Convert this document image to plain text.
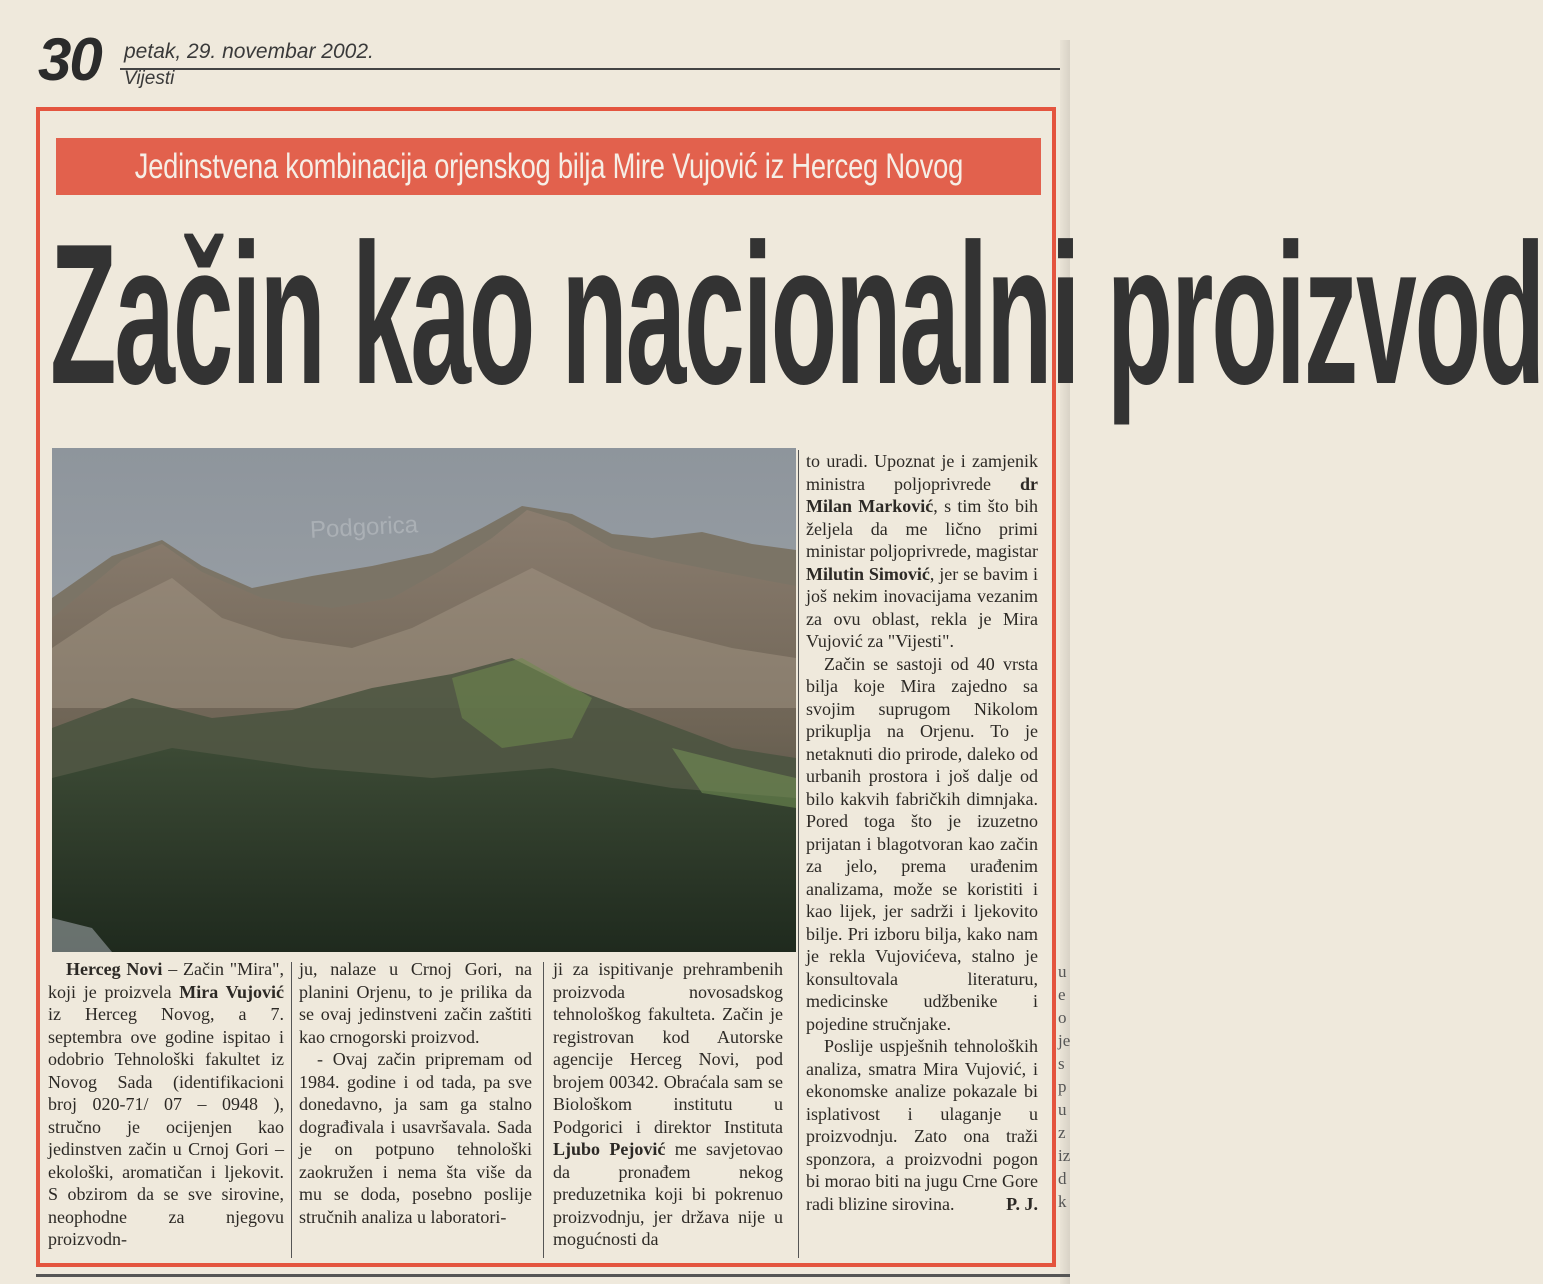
30 petak, 29. novembar 2002.
Vijesti
u
e
o
je
s
p
u
z
iz
d
k
Jedinstvena kombinacija orjenskog bilja Mire Vujović iz Herceg Novog
Začin kao nacionalni proizvod
Podgorica

Herceg Novi – Začin "Mira", koji je proizvela Mira Vujović iz Herceg Novog, a 7. septembra ove godine ispitao i odobrio Tehnološki fakultet iz Novog Sada (identifikacioni broj 020-71/ 07 – 0948 ), stručno je ocijenjen kao jedinstven začin u Crnoj Gori – ekološki, aromatičan i ljekovit. S obzirom da se sve sirovine, neophodne za njegovu proizvodn-

ju, nalaze u Crnoj Gori, na planini Orjenu, to je prilika da se ovaj jedinstveni začin zaštiti kao crnogorski proizvod.

- Ovaj začin pripremam od 1984. godine i od tada, pa sve donedavno, ja sam ga stalno dograđivala i usavršavala. Sada je on potpuno tehnološki zaokružen i nema šta više da mu se doda, posebno poslije stručnih analiza u laboratori-

ji za ispitivanje prehrambenih proizvoda novosadskog tehnološkog fakulteta. Začin je registrovan kod Autorske agencije Herceg Novi, pod brojem 00342. Obraćala sam se Biološkom institutu u Podgorici i direktor Instituta Ljubo Pejović me savjetovao da pronađem nekog preduzetnika koji bi pokrenuo proizvodnju, jer država nije u mogućnosti da

to uradi. Upoznat je i zamjenik ministra poljoprivrede dr Milan Marković, s tim što bih željela da me lično primi ministar poljoprivrede, magistar Milutin Simović, jer se bavim i još nekim inovacijama vezanim za ovu oblast, rekla je Mira Vujović za "Vijesti".

Začin se sastoji od 40 vrsta bilja koje Mira zajedno sa svojim suprugom Nikolom prikuplja na Orjenu. To je netaknuti dio prirode, daleko od urbanih prostora i još dalje od bilo kakvih fabričkih dimnjaka. Pored toga što je izuzetno prijatan i blagotvoran kao začin za jelo, prema urađenim analizama, može se koristiti i kao lijek, jer sadrži i ljekovito bilje. Pri izboru bilja, kako nam je rekla Vujovićeva, stalno je konsultovala literaturu, medicinske udžbenike i pojedine stručnjake.

Poslije uspješnih tehnoloških analiza, smatra Mira Vujović, i ekonomske analize pokazale bi isplativost i ulaganje u proizvodnju. Zato ona traži sponzora, a proizvodni pogon bi morao biti na jugu Crne Gore radi blizine sirovina.	P. J.
